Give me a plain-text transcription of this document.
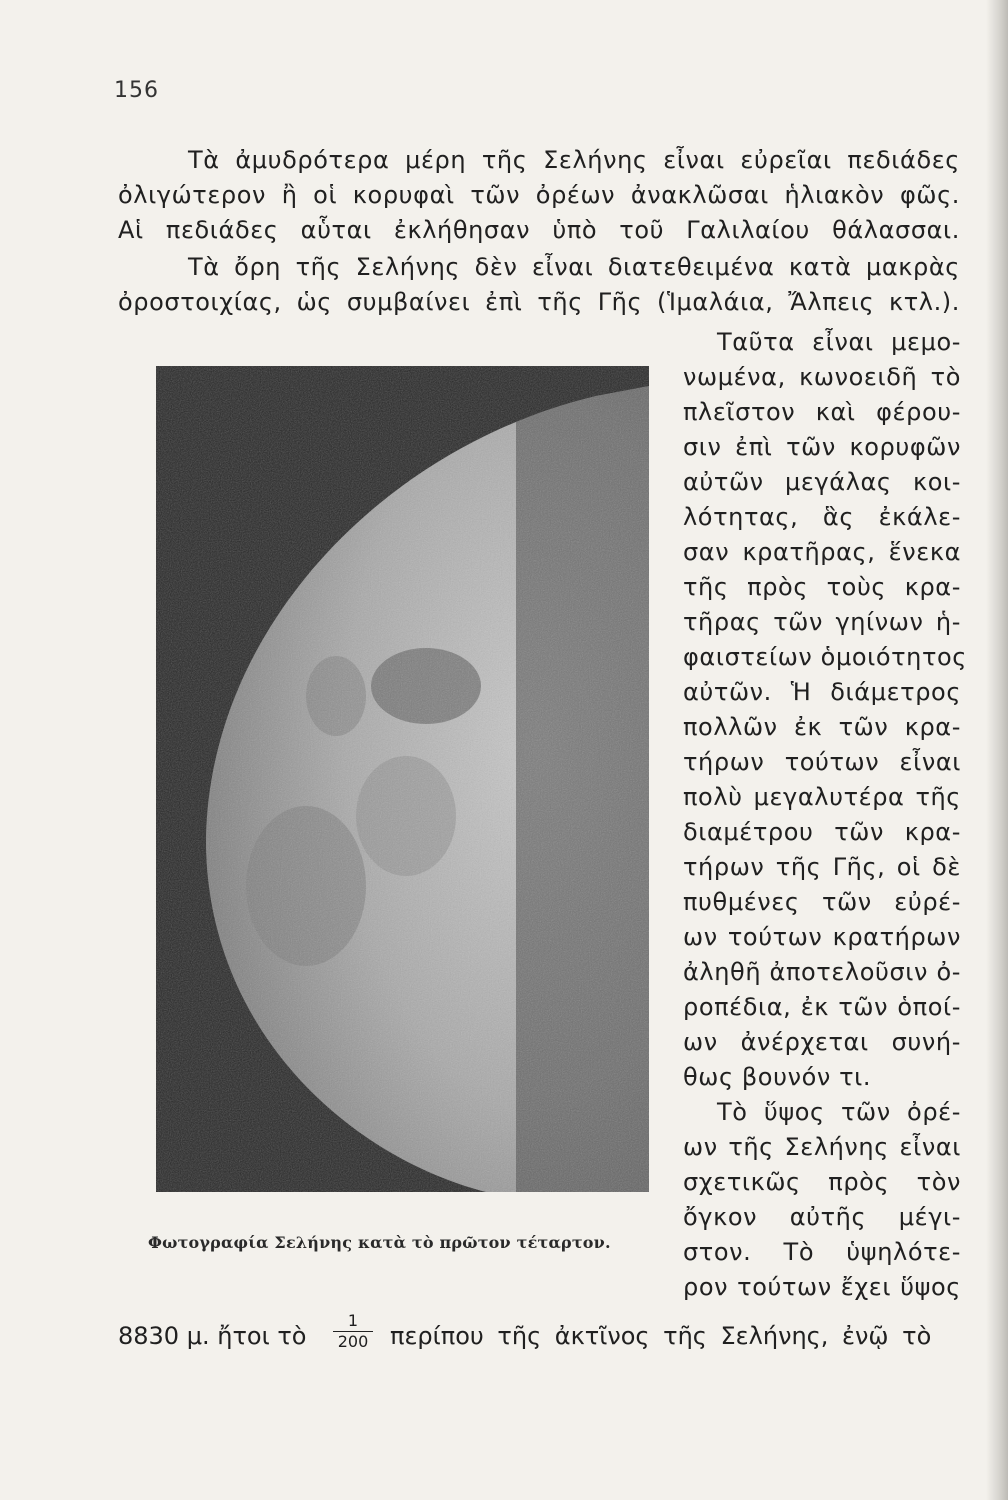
156
Τὰ ἀμυδρότερα μέρη τῆς Σελήνης εἶναι εὐρεῖαι πεδιάδες
ὀλιγώτερον ἢ οἱ κορυφαὶ τῶν ὀρέων ἀνακλῶσαι ἡλιακὸν φῶς.
Αἱ πεδιάδες αὗται ἐκλήθησαν ὑπὸ τοῦ Γαλιλαίου θάλασσαι.
Τὰ ὄρη τῆς Σελήνης δὲν εἶναι διατεθειμένα κατὰ μακρὰς
ὀροστοιχίας, ὡς συμβαίνει ἐπὶ τῆς Γῆς (Ἱμαλάια, Ἄλπεις κτλ.).
Ταῦτα εἶναι μεμο-
νωμένα, κωνοειδῆ τὸ
πλεῖστον καὶ φέρου-
σιν ἐπὶ τῶν κορυφῶν
αὐτῶν μεγάλας κοι-
λότητας, ἃς ἐκάλε-
σαν κρατῆρας, ἕνεκα
τῆς πρὸς τοὺς κρα-
τῆρας τῶν γηίνων ἡ-
φαιστείων ὁμοιότητος
αὐτῶν. Ἡ διάμετρος
πολλῶν ἐκ τῶν κρα-
τήρων τούτων εἶναι
πολὺ μεγαλυτέρα τῆς
διαμέτρου τῶν κρα-
τήρων τῆς Γῆς, οἱ δὲ
πυθμένες τῶν εὐρέ-
ων τούτων κρατήρων
ἀληθῆ ἀποτελοῦσιν ὀ-
ροπέδια, ἐκ τῶν ὁποί-
ων ἀνέρχεται συνή-
θως βουνόν τι.
Τὸ ὕψος τῶν ὀρέ-
ων τῆς Σελήνης εἶναι
σχετικῶς πρὸς τὸν
ὄγκον αὐτῆς μέγι-
στον. Τὸ ὑψηλότε-
ρον τούτων ἔχει ὕψος
Φωτογραφία Σελήνης κατὰ τὸ πρῶτον τέταρτον.
8830 μ. ἤτοι τὸ $\frac{1}{200}$ περίπου τῆς ἀκτῖνος τῆς Σελήνης, ἐνῷ τὸ
